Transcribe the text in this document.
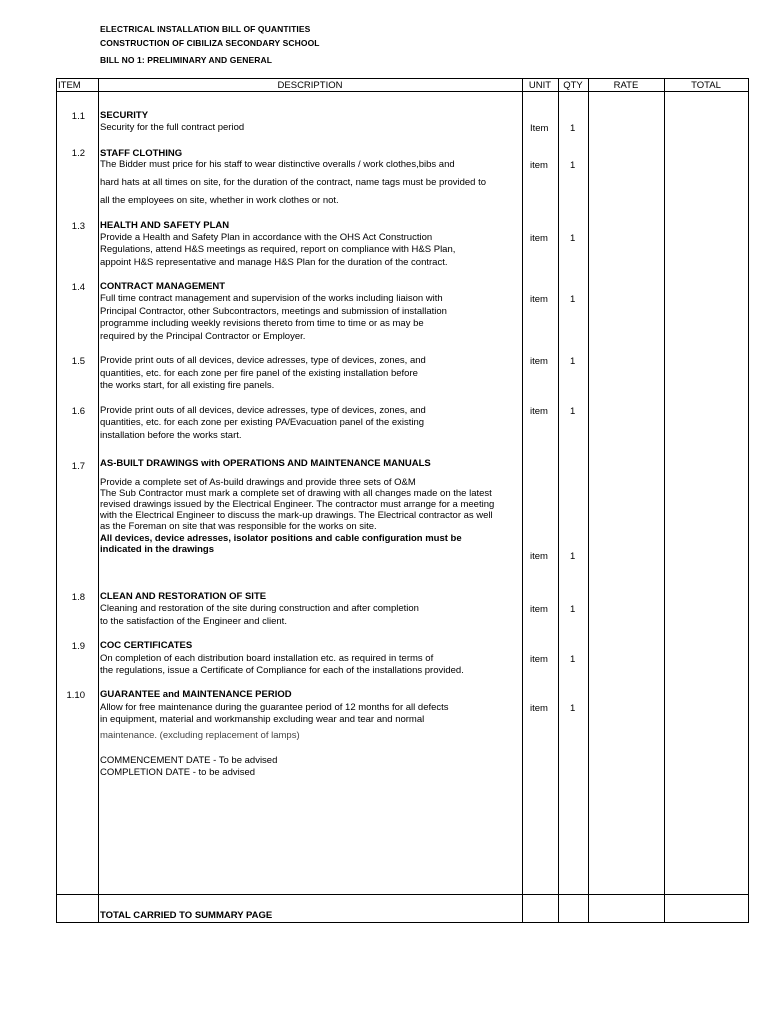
ELECTRICAL INSTALLATION BILL OF QUANTITIES
CONSTRUCTION OF CIBILIZA SECONDARY SCHOOL
BILL NO 1: PRELIMINARY AND GENERAL
ITEM	DESCRIPTION	UNIT	QTY	RATE	TOTAL
1.1 SECURITY
Security for the full contract period	Item 1
1.2 STAFF CLOTHING
The Bidder must price for his staff to wear distinctive overalls / work clothes,bibs and
hard hats at all times on site, for the duration of the contract, name tags must be provided to
all the employees on site, whether in work clothes or not.
item 1
1.3 HEALTH AND SAFETY PLAN
Provide a Health and Safety Plan in accordance with the OHS Act Construction
Regulations, attend H&S meetings as required, report on compliance with H&S Plan,
appoint H&S representative and manage H&S Plan for the duration of the contract.
item 1
1.4 CONTRACT MANAGEMENT
Full time contract management and supervision of the works including liaison with
Principal Contractor, other Subcontractors, meetings and submission of installation
programme including weekly revisions thereto from time to time or as may be
required by the Principal Contractor or Employer.
item 1
1.5 Provide print outs of all devices, device adresses, type of devices, zones, and
quantities, etc. for each zone per fire panel of the existing installation before
the works start, for all existing fire panels.
item 1
1.6 Provide print outs of all devices, device adresses, type of devices, zones, and
quantities, etc. for each zone per existing PA/Evacuation panel of the existing
installation before the works start.
item 1
1.7 AS-BUILT DRAWINGS with OPERATIONS AND MAINTENANCE MANUALS
Provide a complete set of As-build drawings and provide three sets of O&M
The Sub Contractor must mark a complete set of drawing with all changes made on the latest
revised drawings issued by the Electrical Engineer. The contractor must arrange for a meeting
with the Electrical Engineer to discuss the mark-up drawings. The Electrical contractor as well
as the Foreman on site that was responsible for the works on site.
All devices, device adresses, isolator positions and cable configuration must be
indicated in the drawings
item 1
1.8 CLEAN AND RESTORATION OF SITE
Cleaning and restoration of the site during construction and after completion
to the satisfaction of the Engineer and client.
item 1
1.9 COC CERTIFICATES
On completion of each distribution board installation etc. as required in terms of
the regulations, issue a Certificate of Compliance for each of the installations provided.
item 1
1.10 GUARANTEE and MAINTENANCE PERIOD
Allow for free maintenance during the guarantee period of 12 months for all defects
in equipment, material and workmanship excluding wear and tear and normal
maintenance. (excluding replacement of lamps)
item 1
COMMENCEMENT DATE - To be advised
COMPLETION DATE - to be advised
TOTAL CARRIED TO SUMMARY PAGE
